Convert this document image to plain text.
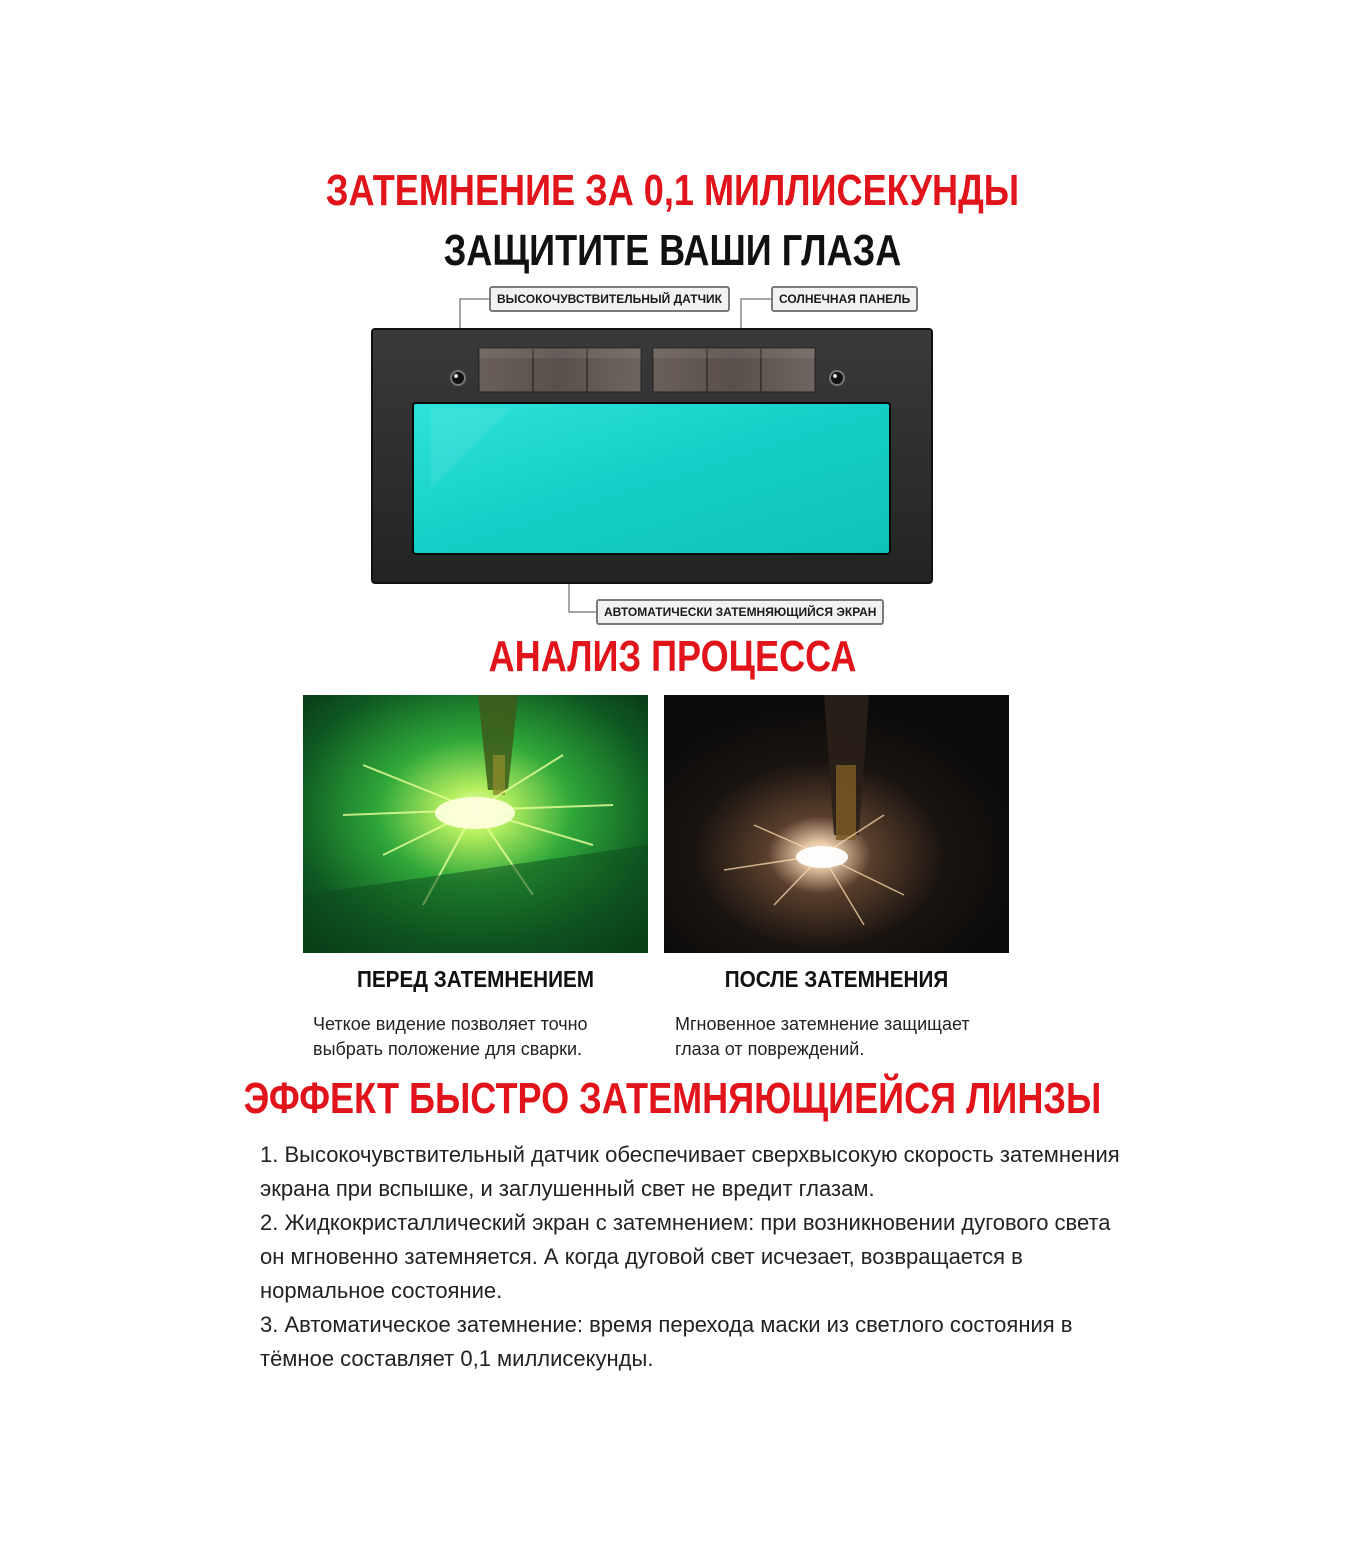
ЗАТЕМНЕНИЕ ЗА 0,1 МИЛЛИСЕКУНДЫ
ЗАЩИТИТЕ ВАШИ ГЛАЗА
ВЫСОКОЧУВСТВИТЕЛЬНЫЙ ДАТЧИК	СОЛНЕЧНАЯ ПАНЕЛЬ
АВТОМАТИЧЕСКИ ЗАТЕМНЯЮЩИЙСЯ ЭКРАН
АНАЛИЗ ПРОЦЕССА
ПЕРЕД ЗАТЕМНЕНИЕМ	ПОСЛЕ ЗАТЕМНЕНИЯ
Четкое видение позволяет точно
выбрать положение для сварки.
Мгновенное затемнение защищает
глаза от повреждений.
ЭФФЕКТ БЫСТРО ЗАТЕМНЯЮЩИЕЙСЯ ЛИНЗЫ
1. Высокочувствительный датчик обеспечивает сверхвысокую скорость затемнения экрана при вспышке, и заглушенный свет не вредит глазам.
2. Жидкокристаллический экран с затемнением: при возникновении дугового света он мгновенно затемняется. А когда дуговой свет исчезает, возвращается в нормальное состояние.
3. Автоматическое затемнение: время перехода маски из светлого состояния в тёмное составляет 0,1 миллисекунды.
